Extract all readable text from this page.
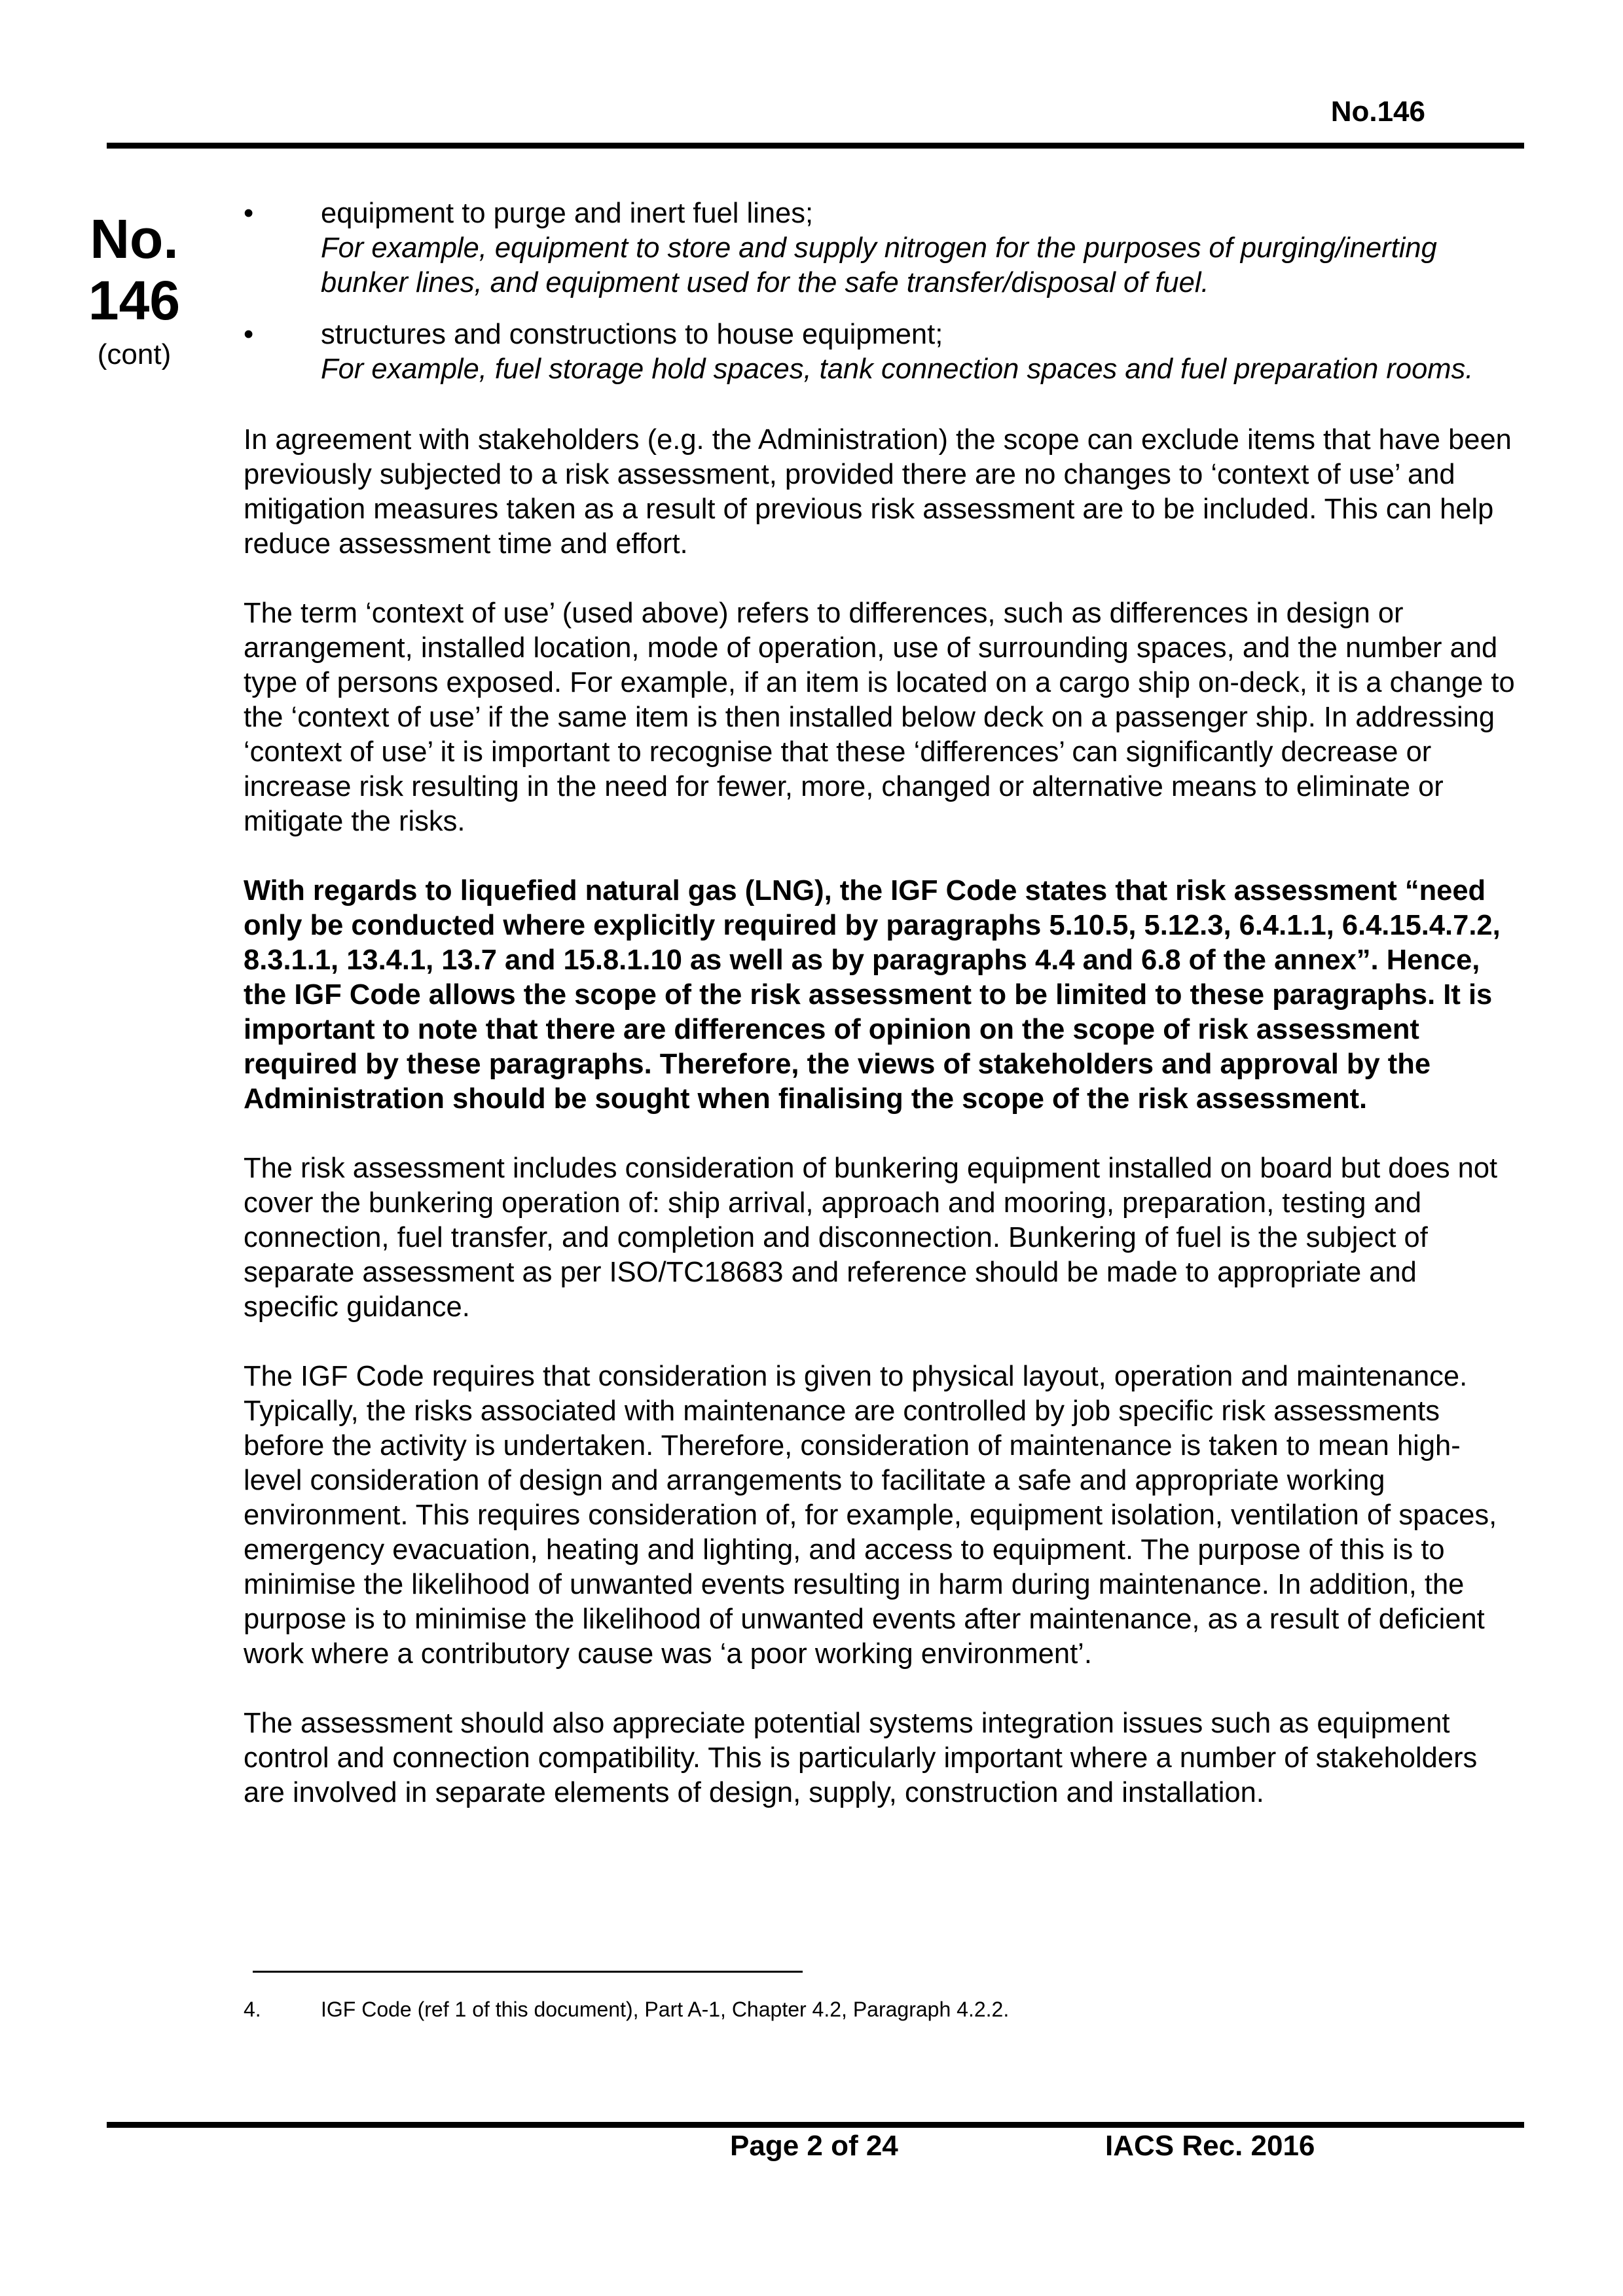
No.146
No.
146
(cont)
• equipment to purge and inert fuel lines;
For example, equipment to store and supply nitrogen for the purposes of purging/inerting bunker lines, and equipment used for the safe transfer/disposal of fuel.
• structures and constructions to house equipment;
For example, fuel storage hold spaces, tank connection spaces and fuel preparation rooms.

In agreement with stakeholders (e.g. the Administration) the scope can exclude items that have been previously subjected to a risk assessment, provided there are no changes to ‘context of use’ and mitigation measures taken as a result of previous risk assessment are to be included. This can help reduce assessment time and effort.

The term ‘context of use’ (used above) refers to differences, such as differences in design or arrangement, installed location, mode of operation, use of surrounding spaces, and the number and type of persons exposed. For example, if an item is located on a cargo ship on-deck, it is a change to the ‘context of use’ if the same item is then installed below deck on a passenger ship. In addressing ‘context of use’ it is important to recognise that these ‘differences’ can significantly decrease or increase risk resulting in the need for fewer, more, changed or alternative means to eliminate or mitigate the risks.

With regards to liquefied natural gas (LNG), the IGF Code states that risk assessment “need only be conducted where explicitly required by paragraphs 5.10.5, 5.12.3, 6.4.1.1, 6.4.15.4.7.2, 8.3.1.1, 13.4.1, 13.7 and 15.8.1.10 as well as by paragraphs 4.4 and 6.8 of the annex”. Hence, the IGF Code allows the scope of the risk assessment to be limited to these paragraphs. It is important to note that there are differences of opinion on the scope of risk assessment required by these paragraphs. Therefore, the views of stakeholders and approval by the Administration should be sought when finalising the scope of the risk assessment.

The risk assessment includes consideration of bunkering equipment installed on board but does not cover the bunkering operation of: ship arrival, approach and mooring, preparation, testing and connection, fuel transfer, and completion and disconnection. Bunkering of fuel is the subject of separate assessment as per ISO/TC18683 and reference should be made to appropriate and specific guidance.

The IGF Code requires that consideration is given to physical layout, operation and maintenance. Typically, the risks associated with maintenance are controlled by job specific risk assessments before the activity is undertaken. Therefore, consideration of maintenance is taken to mean high-level consideration of design and arrangements to facilitate a safe and appropriate working environment. This requires consideration of, for example, equipment isolation, ventilation of spaces, emergency evacuation, heating and lighting, and access to equipment. The purpose of this is to minimise the likelihood of unwanted events resulting in harm during maintenance. In addition, the purpose is to minimise the likelihood of unwanted events after maintenance, as a result of deficient work where a contributory cause was ‘a poor working environment’.

The assessment should also appreciate potential systems integration issues such as equipment control and connection compatibility. This is particularly important where a number of stakeholders are involved in separate elements of design, supply, construction and installation.

4.	IGF Code (ref 1 of this document), Part A-1, Chapter 4.2, Paragraph 4.2.2.
Page 2 of 24	IACS Rec. 2016
